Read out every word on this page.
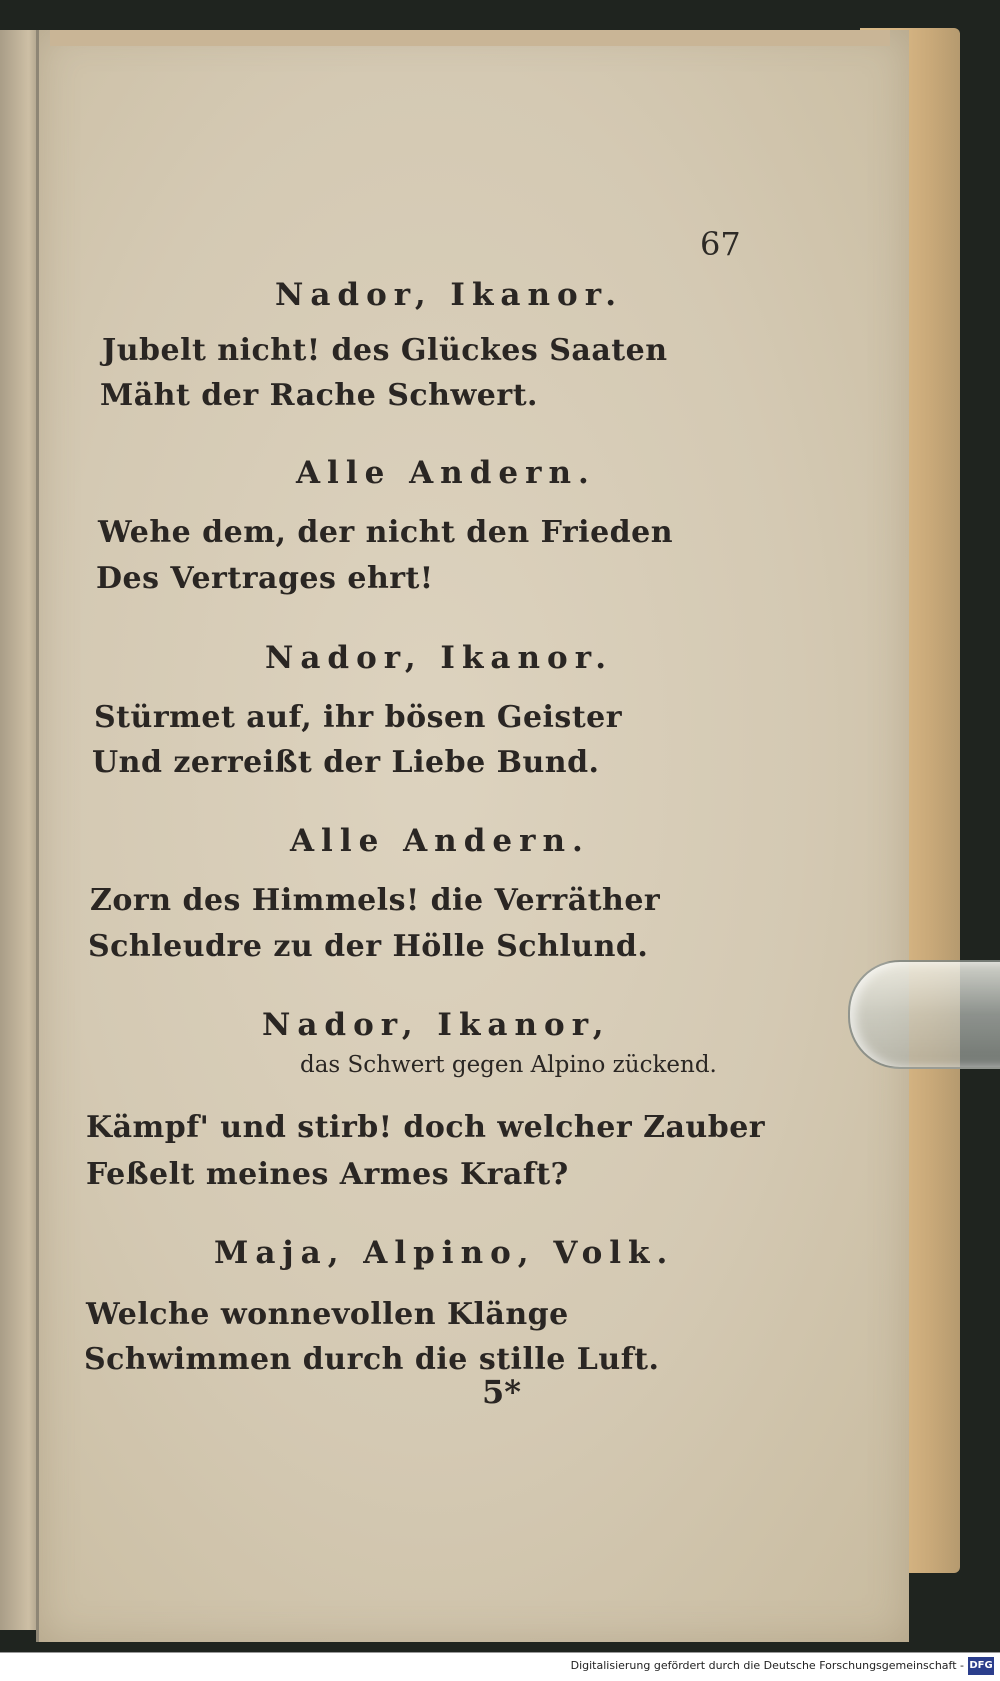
67
Nador, Ikanor.
Jubelt nicht! des Glückes Saaten
Mäht der Rache Schwert.
Alle Andern.
Wehe dem, der nicht den Frieden
Des Vertrages ehrt!
Nador, Ikanor.
Stürmet auf, ihr bösen Geister
Und zerreißt der Liebe Bund.
Alle Andern.
Zorn des Himmels! die Verräther
Schleudre zu der Hölle Schlund.
Nador, Ikanor,
das Schwert gegen Alpino zückend.
Kämpf' und stirb! doch welcher Zauber
Feßelt meines Armes Kraft?
Maja, Alpino, Volk.
Welche wonnevollen Klänge
Schwimmen durch die stille Luft.
5*
Digitalisierung gefördert durch die Deutsche Forschungsgemeinschaft - DFG
